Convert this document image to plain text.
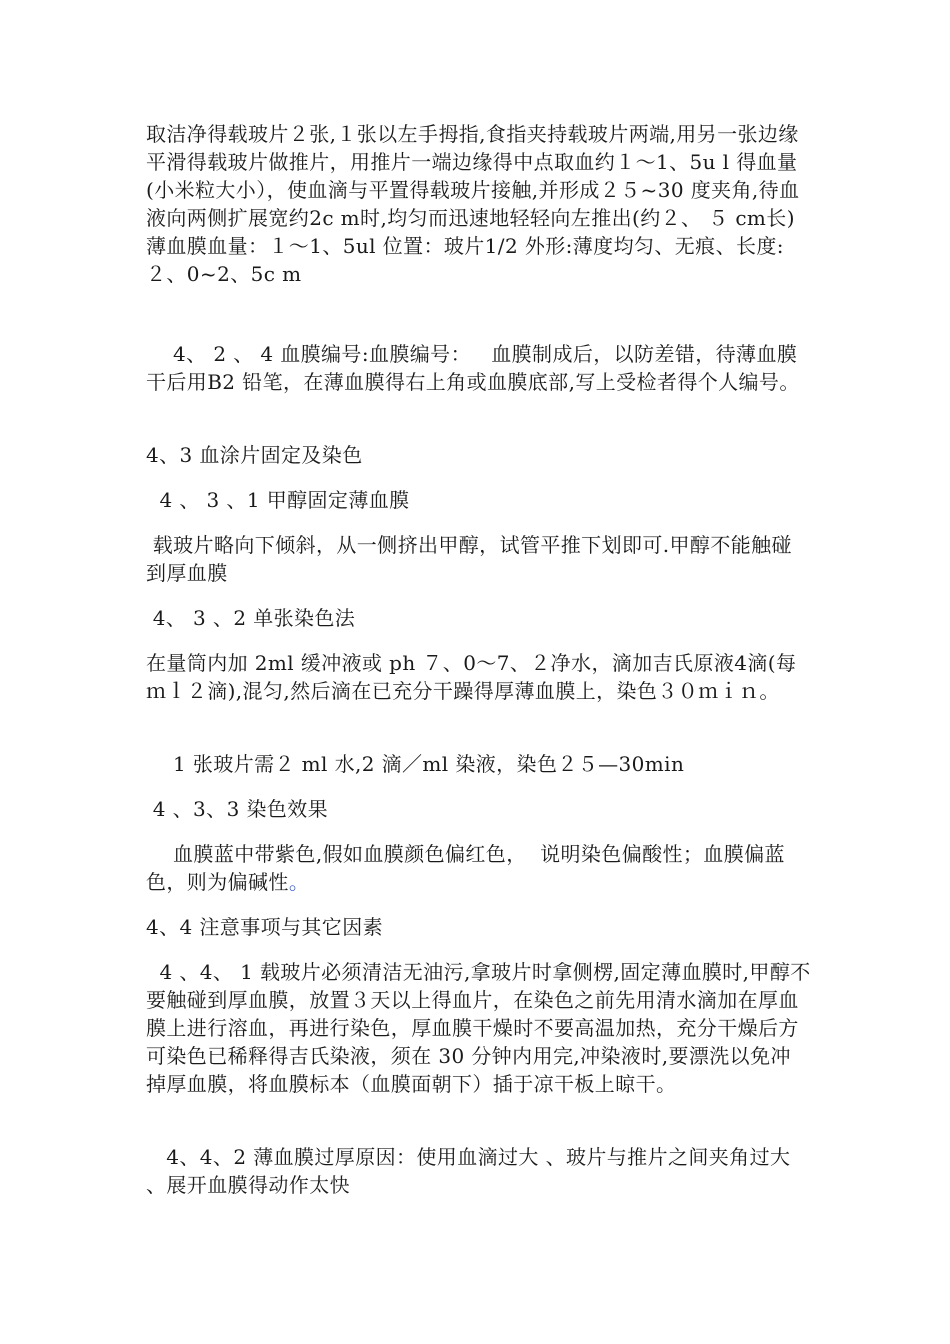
取洁净得载玻片２张,１张以左手拇指,食指夹持载玻片两端,用另一张边缘平滑得载玻片做推片，用推片一端边缘得中点取血约１～1、5u l 得血量(小米粒大小），使血滴与平置得载玻片接触,并形成２５~30 度夹角,待血液向两侧扩展宽约2c m时,均匀而迅速地轻轻向左推出(约２、 ５ cm长)薄血膜血量：１～1、5ul 位置：玻片1/2 外形:薄度均匀、无痕、长度:２、0~2、5c m

4、 2 、 4 血膜编号:血膜编号：   血膜制成后，以防差错，待薄血膜干后用B2 铅笔，在薄血膜得右上角或血膜底部,写上受检者得个人编号。

4、3 血涂片固定及染色

4 、 3 、1 甲醇固定薄血膜

载玻片略向下倾斜，从一侧挤出甲醇，试管平推下划即可.甲醇不能触碰到厚血膜

4、 3 、2 单张染色法

在量筒内加 2ml 缓冲液或 ph ７、0～7、２净水，滴加吉氏原液4滴(每ｍｌ２滴),混匀,然后滴在已充分干躁得厚薄血膜上，染色３０ｍｉｎ。

1 张玻片需２ ml 水,2 滴／ml 染液，染色２５—30min

4 、3、3 染色效果

血膜蓝中带紫色,假如血膜颜色偏红色，  说明染色偏酸性；血膜偏蓝色，则为偏碱性。

4、4 注意事项与其它因素

4 、4、 1 载玻片必须清洁无油污,拿玻片时拿侧楞,固定薄血膜时,甲醇不要触碰到厚血膜，放置３天以上得血片，在染色之前先用清水滴加在厚血膜上进行溶血，再进行染色，厚血膜干燥时不要高温加热，充分干燥后方可染色已稀释得吉氏染液，须在 30 分钟内用完,冲染液时,要漂洗以免冲掉厚血膜，将血膜标本（血膜面朝下）插于凉干板上晾干。

4、4、2 薄血膜过厚原因：使用血滴过大 、玻片与推片之间夹角过大 、展开血膜得动作太快
